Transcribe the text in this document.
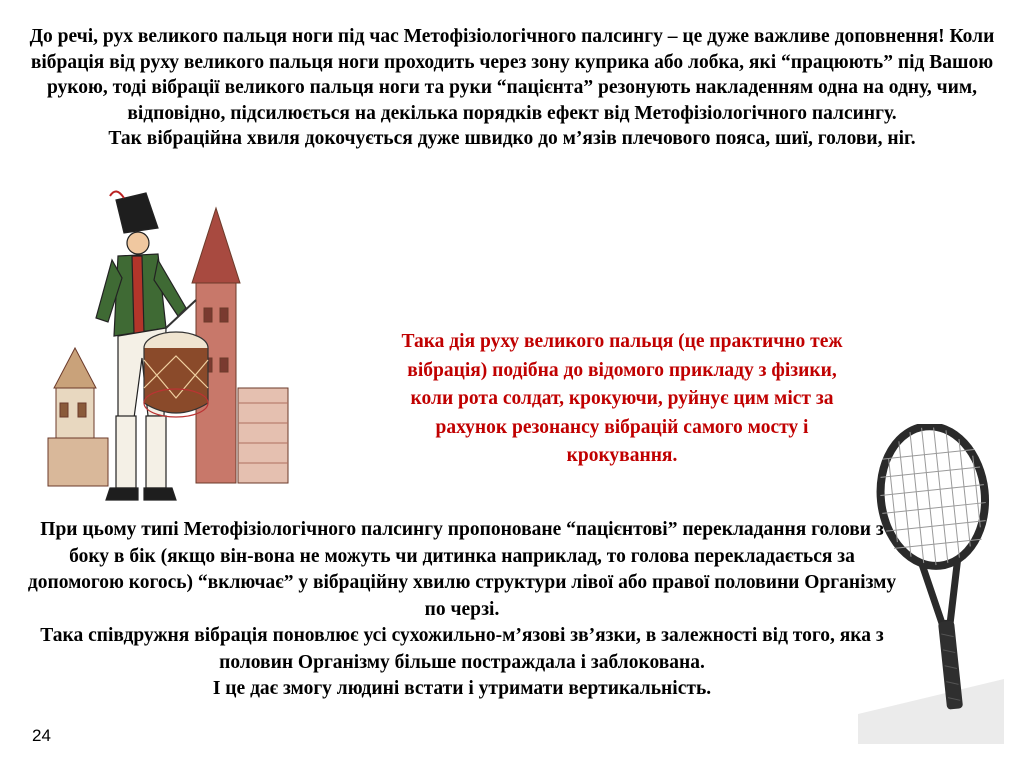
До речі, рух великого пальця ноги під час Метофізіологічного палсингу – це дуже важливе доповнення! Коли вібрація від руху великого пальця ноги проходить через зону куприка або лобка, які “працюють” під Вашою рукою, тоді вібрації великого пальця ноги та руки “пацієнта” резонують накладенням одна на одну, чим, відповідно, підсилюється на декілька порядків ефект від Метофізіологічного палсингу.

Так вібраційна хвиля докочується дуже швидко до м’язів плечового пояса, шиї, голови, ніг.

Така дія руху великого пальця (це практично теж вібрація) подібна до відомого прикладу з фізики, коли рота солдат, крокуючи, руйнує цим міст за рахунок резонансу вібрацій самого мосту і крокування.

При цьому типі Метофізіологічного палсингу пропоноване “пацієнтові” перекладання голови з боку в бік (якщо він-вона не можуть чи дитинка наприклад, то голова перекладається за допомогою когось) “включає” у вібраційну хвилю структури лівої або правої половини Організму по черзі.

Така співдружня вібрація поновлює усі сухожильно-м’язові зв’язки, в залежності від того, яка з половин Організму більше постраждала і заблокована.

І це дає змогу людині встати і утримати вертикальність.

24
